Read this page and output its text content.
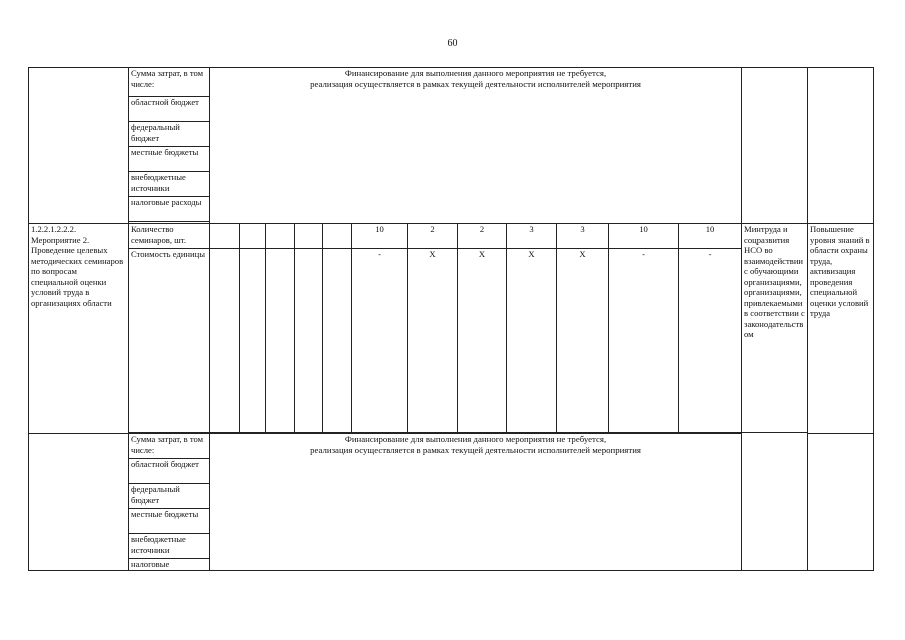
60
	Сумма затрат, в том числе:	Финансирование для выполнения данного мероприятия не требуется,
реализация осуществляется в рамках текущей деятельности исполнителей мероприятия													
	областной бюджет														
	федеральный бюджет														
	местные бюджеты														
	внебюджетные источники														
	налоговые расходы														

1.2.2.1.2.2.2. Мероприятие 2. Проведение целевых методических семинаров по вопросам специальной оценки условий труда в организациях области	Количество семинаров, шт.						10	2	2	3	3	10	10	Минтруда и соцразвития НСО во взаимодействии с обучающими организациями, организациями, привлекаемыми в соответствии с законодательством	Повышение уровня знаний в области охраны труда, активизация проведения специальной оценки условий труда
	Стоимость единицы						-	Х	Х	Х	Х	-	-		

	Сумма затрат, в том числе:	Финансирование для выполнения данного мероприятия не требуется,
реализация осуществляется в рамках текущей деятельности исполнителей мероприятия													
	областной бюджет														
	федеральный бюджет														
	местные бюджеты														
	внебюджетные источники														
	налоговые														
